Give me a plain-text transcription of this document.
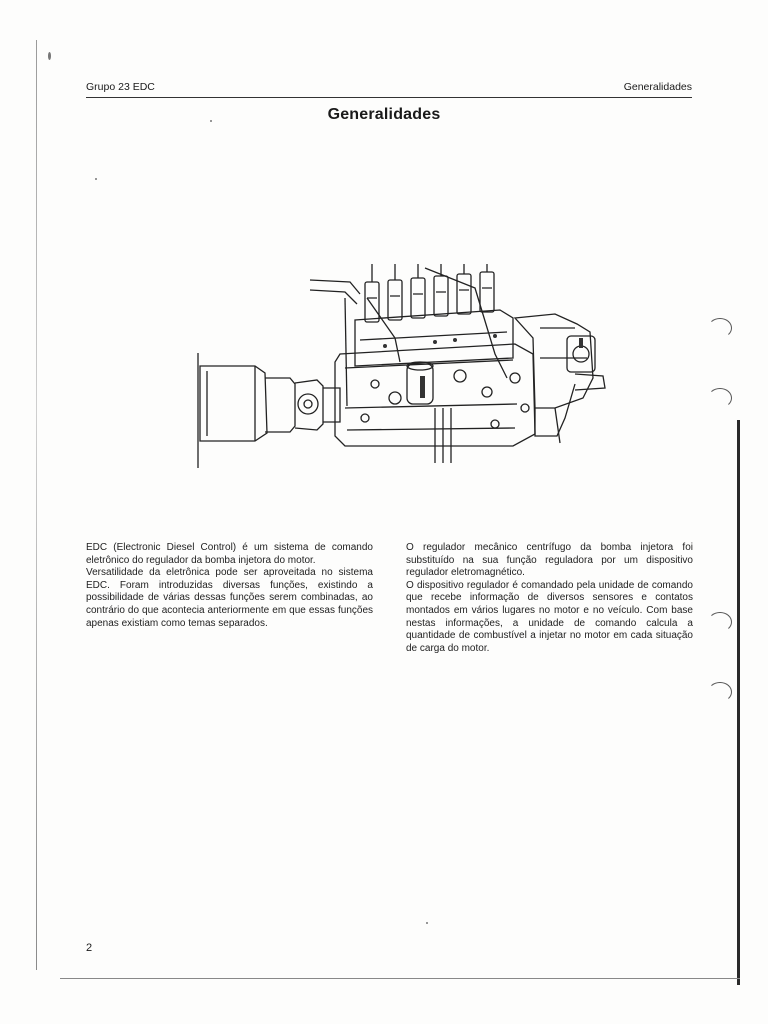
Grupo 23 EDC	Generalidades
Generalidades

EDC (Electronic Diesel Control) é um sistema de comando eletrônico do regulador da bomba injetora do motor.

Versatilidade da eletrônica pode ser aproveitada no sistema EDC. Foram introduzidas diversas funções, existindo a possibilidade de várias dessas funções serem combinadas, ao contrário do que acontecia anteriormente em que essas funções apenas existiam como temas separados.

O regulador mecânico centrífugo da bomba injetora foi substituído na sua função reguladora por um dispositivo regulador eletromagnético.

O dispositivo regulador é comandado pela unidade de comando que recebe informação de diversos sensores e contatos montados em vários lugares no motor e no veículo. Com base nestas informações, a unidade de comando calcula a quantidade de combustível a injetar no motor em cada situação de carga do motor.

2
